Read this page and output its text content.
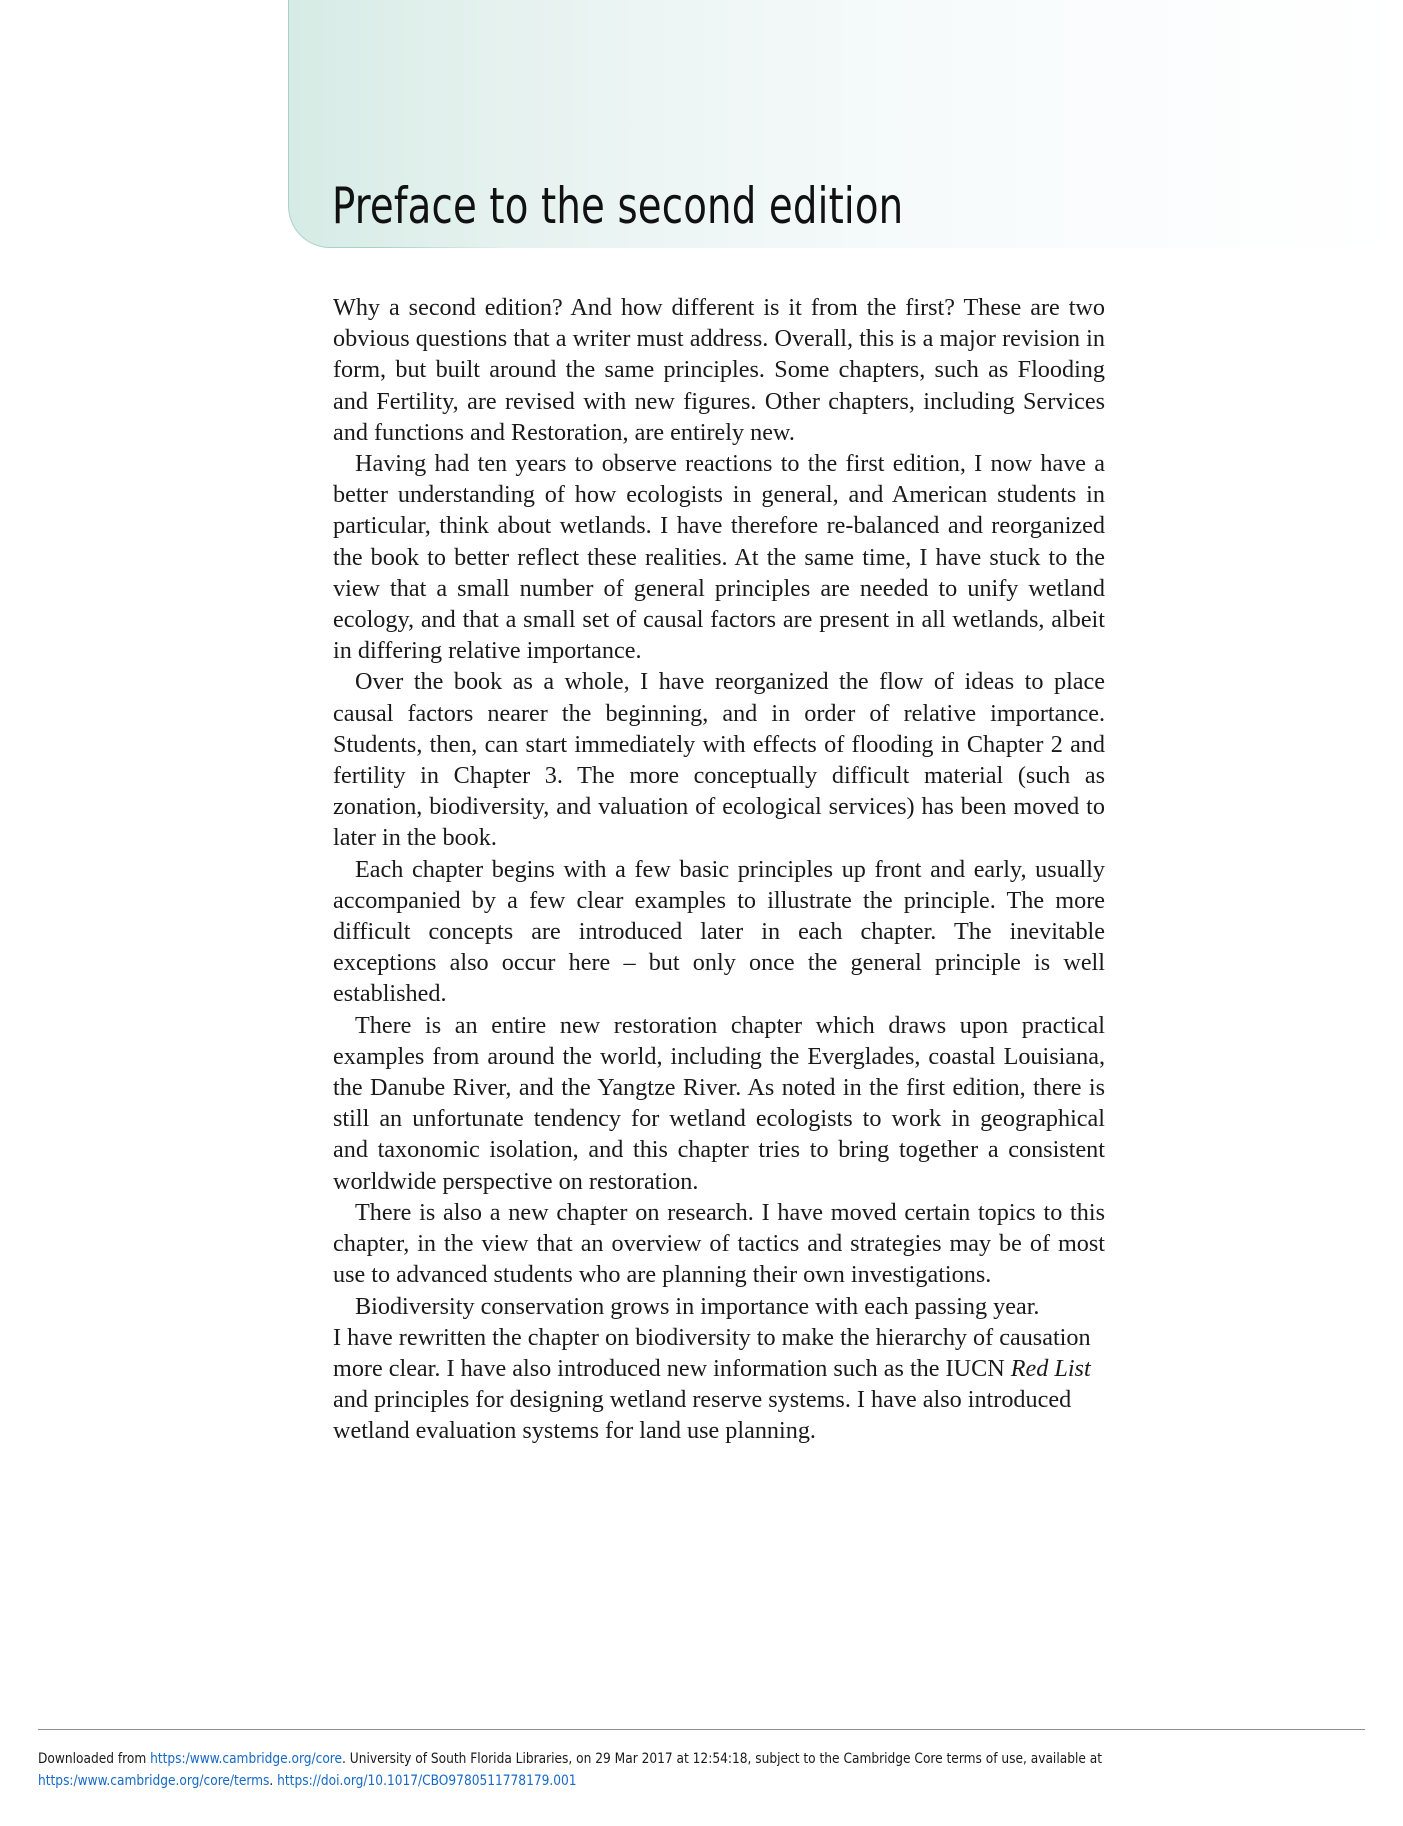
Preface to the second edition

Why a second edition? And how different is it from the first? These are two obvious questions that a writer must address. Overall, this is a major revision in form, but built around the same principles. Some chapters, such as Flooding and Fertility, are revised with new figures. Other chapters, including Services and functions and Restoration, are entirely new.

Having had ten years to observe reactions to the first edition, I now have a better understanding of how ecologists in general, and American students in particular, think about wetlands. I have therefore re-balanced and reorganized the book to better reflect these realities. At the same time, I have stuck to the view that a small number of general principles are needed to unify wetland ecology, and that a small set of causal factors are present in all wetlands, albeit in differing relative importance.

Over the book as a whole, I have reorganized the flow of ideas to place causal factors nearer the beginning, and in order of relative importance. Students, then, can start immediately with effects of flooding in Chapter 2 and fertility in Chapter 3. The more conceptually difficult material (such as zonation, biodiversity, and valuation of ecological services) has been moved to later in the book.

Each chapter begins with a few basic principles up front and early, usually accompanied by a few clear examples to illustrate the principle. The more difficult concepts are introduced later in each chapter. The inevitable exceptions also occur here – but only once the general principle is well established.

There is an entire new restoration chapter which draws upon practical examples from around the world, including the Everglades, coastal Louisiana, the Danube River, and the Yangtze River. As noted in the first edition, there is still an unfortunate tendency for wetland ecologists to work in geographical and taxonomic isolation, and this chapter tries to bring together a consistent worldwide perspective on restoration.

There is also a new chapter on research. I have moved certain topics to this chapter, in the view that an overview of tactics and strategies may be of most use to advanced students who are planning their own investigations.

Biodiversity conservation grows in importance with each passing year.

I have rewritten the chapter on biodiversity to make the hierarchy of causation more clear. I have also introduced new information such as the IUCN Red List and principles for designing wetland reserve systems. I have also introduced wetland evaluation systems for land use planning.

Downloaded from https:/www.cambridge.org/core. University of South Florida Libraries, on 29 Mar 2017 at 12:54:18, subject to the Cambridge Core terms of use, available at
https:/www.cambridge.org/core/terms. https://doi.org/10.1017/CBO9780511778179.001
